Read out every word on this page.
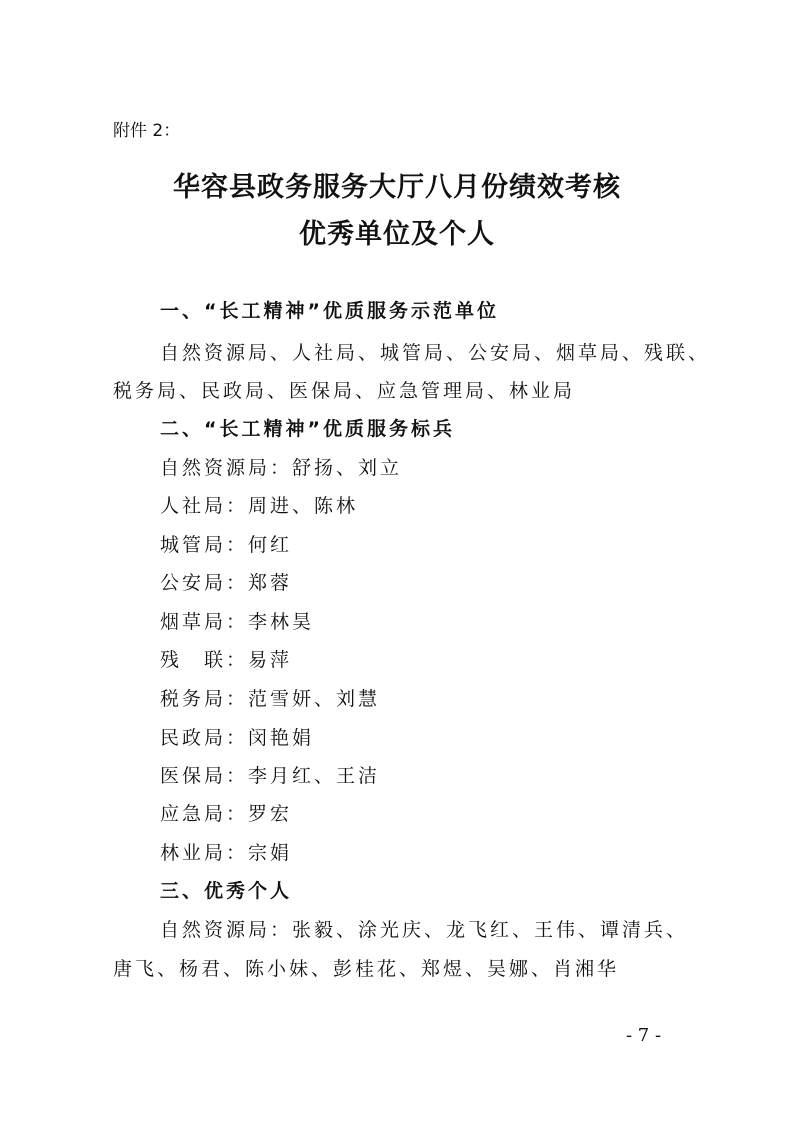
附件 2：
华容县政务服务大厅八月份绩效考核
优秀单位及个人
一、“长工精神”优质服务示范单位
自然资源局、人社局、城管局、公安局、烟草局、残联、
税务局、民政局、医保局、应急管理局、林业局
二、“长工精神”优质服务标兵
自然资源局：舒扬、刘立
人社局：周进、陈林
城管局：何红
公安局：郑蓉
烟草局：李林昊
残　联：易萍
税务局：范雪妍、刘慧
民政局：闵艳娟
医保局：李月红、王洁
应急局：罗宏
林业局：宗娟
三、优秀个人
自然资源局：张毅、涂光庆、龙飞红、王伟、谭清兵、
唐飞、杨君、陈小妹、彭桂花、郑煜、吴娜、肖湘华
- 7 -
